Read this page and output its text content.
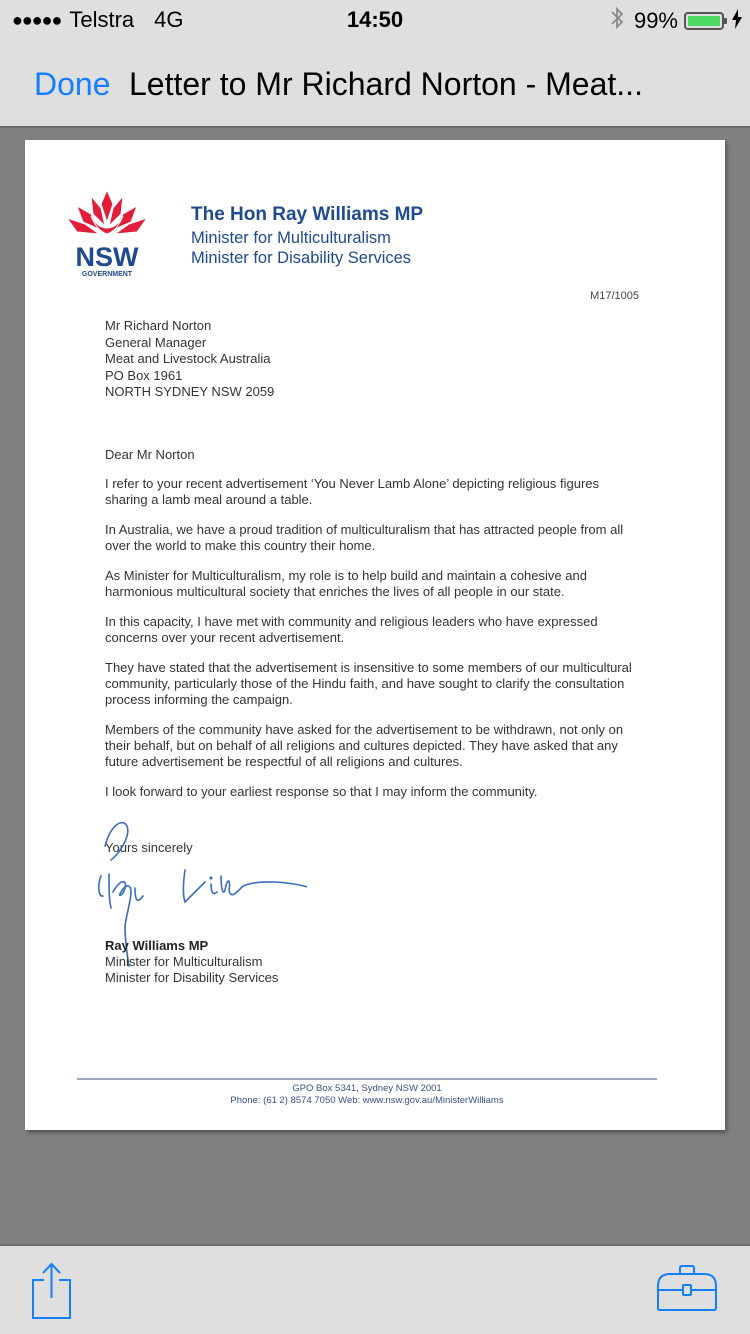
●●●●● Telstra 4G	14:50	99%
Done Letter to Mr Richard Norton - Meat...
NSW
GOVERNMENT
The Hon Ray Williams MP
Minister for Multiculturalism
Minister for Disability Services
M17/1005
Mr Richard Norton
General Manager
Meat and Livestock Australia
PO Box 1961
NORTH SYDNEY NSW 2059

Dear Mr Norton

I refer to your recent advertisement ‘You Never Lamb Alone’ depicting religious figures sharing a lamb meal around a table.

In Australia, we have a proud tradition of multiculturalism that has attracted people from all over the world to make this country their home.

As Minister for Multiculturalism, my role is to help build and maintain a cohesive and harmonious multicultural society that enriches the lives of all people in our state.

In this capacity, I have met with community and religious leaders who have expressed concerns over your recent advertisement.

They have stated that the advertisement is insensitive to some members of our multicultural community, particularly those of the Hindu faith, and have sought to clarify the consultation process informing the campaign.

Members of the community have asked for the advertisement to be withdrawn, not only on their behalf, but on behalf of all religions and cultures depicted. They have asked that any future advertisement be respectful of all religions and cultures.

I look forward to your earliest response so that I may inform the community.

Yours sincerely
Ray Williams MP
Minister for Multiculturalism
Minister for Disability Services
GPO Box 5341, Sydney NSW 2001
Phone: (61 2) 8574 7050 Web: www.nsw.gov.au/MinisterWilliams
